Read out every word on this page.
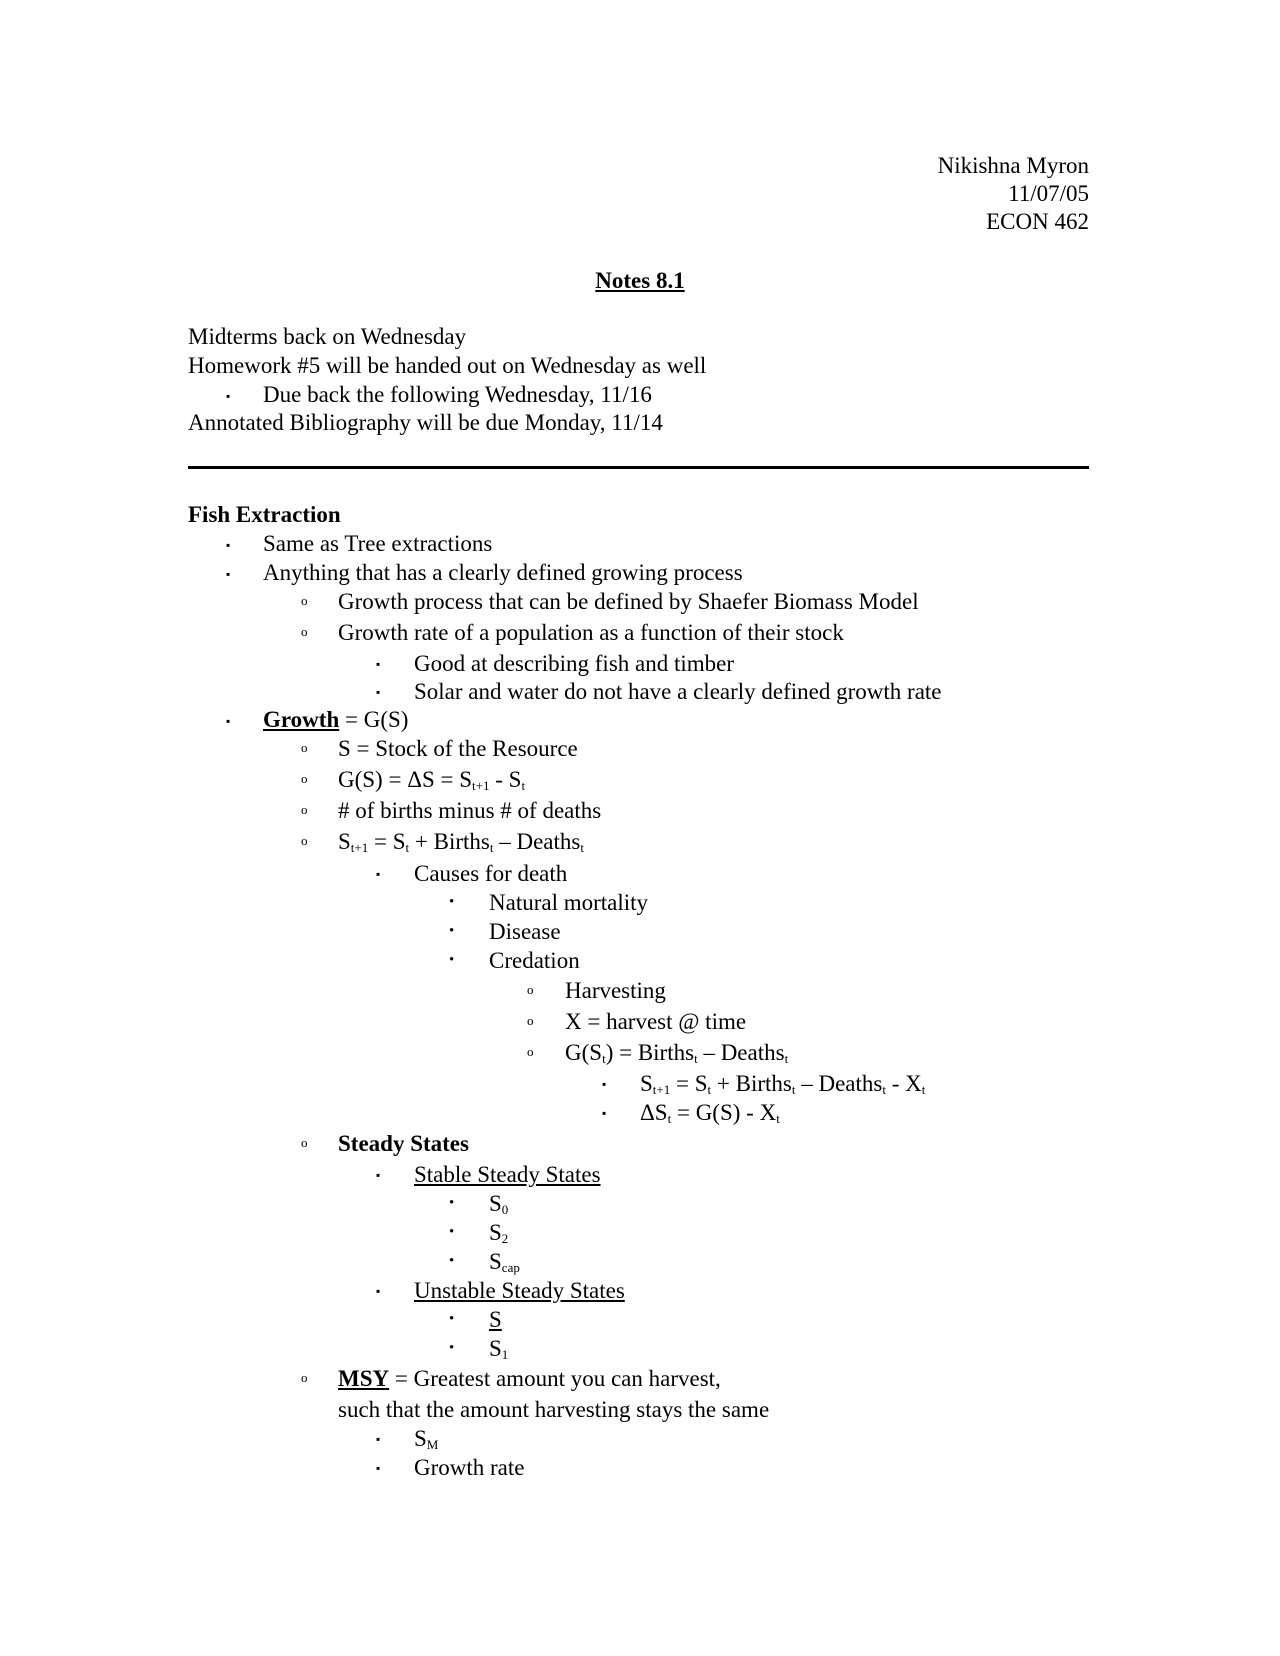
Nikishna Myron
11/07/05
ECON 462
Notes 8.1
Midterms back on Wednesday
Homework #5 will be handed out on Wednesday as well
▪ Due back the following Wednesday, 11/16
Annotated Bibliography will be due Monday, 11/14
Fish Extraction
▪ Same as Tree extractions
▪ Anything that has a clearly defined growing process
o Growth process that can be defined by Shaefer Biomass Model
o Growth rate of a population as a function of their stock
▪ Good at describing fish and timber
▪ Solar and water do not have a clearly defined growth rate
▪ Growth = G(S)
o S = Stock of the Resource
o $G(S) = \Delta S = S_{t+1} - S_t$
o # of births minus # of deaths
o $S_{t+1} = S_t$ + Births$_t$ – Deaths$_t$
▪ Causes for death
• Natural mortality
• Disease
• Credation
o Harvesting
o X = harvest @ time
o $G(S_t)$ = Births$_t$ – Deaths$_t$
▪ $S_{t+1} = S_t$ + Births$_t$ – Deaths$_t$ - $X_t$
▪ $\Delta S_t = G(S) - X_t$
o Steady States
▪ Stable Steady States
• $S_0$
• $S_2$
• $S_{cap}$
▪ Unstable Steady States
• S
• $S_1$
o MSY = Greatest amount you can harvest,
such that the amount harvesting stays the same
▪ $S_M$
▪ Growth rate
